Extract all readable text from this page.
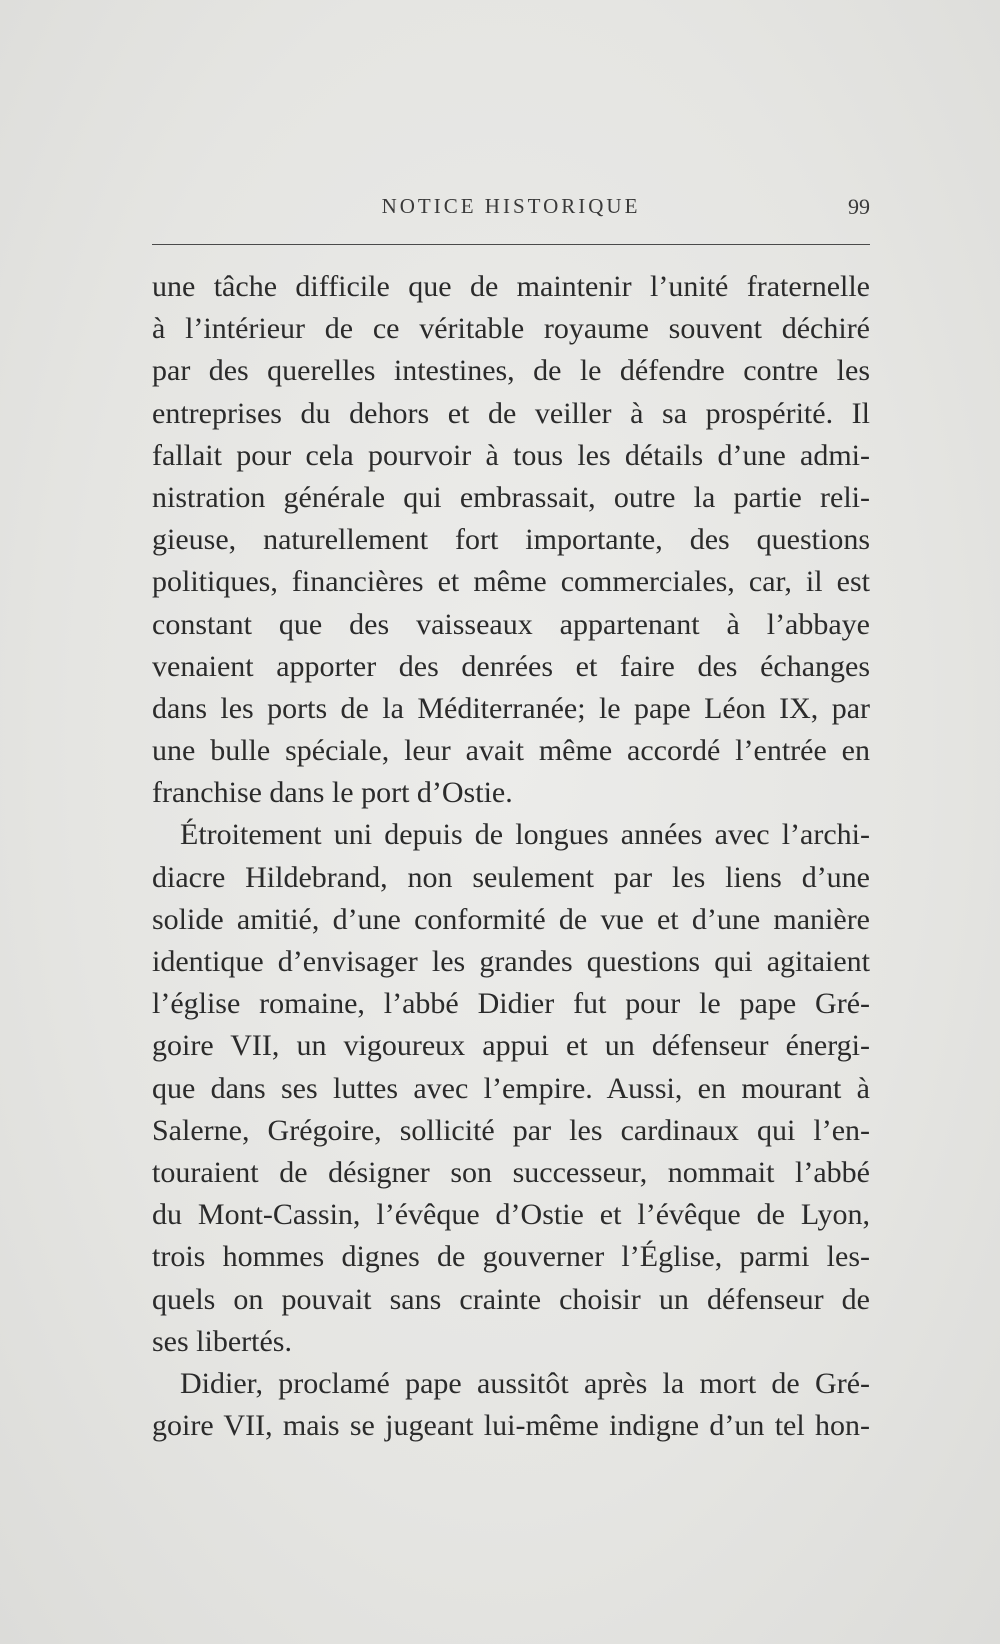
NOTICE HISTORIQUE	99
une tâche difficile que de maintenir l’unité fraternelle
à l’intérieur de ce véritable royaume souvent déchiré
par des querelles intestines, de le défendre contre les
entreprises du dehors et de veiller à sa prospérité. Il
fallait pour cela pourvoir à tous les détails d’une admi-
nistration générale qui embrassait, outre la partie reli-
gieuse, naturellement fort importante, des questions
politiques, financières et même commerciales, car, il est
constant que des vaisseaux appartenant à l’abbaye
venaient apporter des denrées et faire des échanges
dans les ports de la Méditerranée; le pape Léon IX, par
une bulle spéciale, leur avait même accordé l’entrée en
franchise dans le port d’Ostie.
Étroitement uni depuis de longues années avec l’archi-
diacre Hildebrand, non seulement par les liens d’une
solide amitié, d’une conformité de vue et d’une manière
identique d’envisager les grandes questions qui agitaient
l’église romaine, l’abbé Didier fut pour le pape Gré-
goire VII, un vigoureux appui et un défenseur énergi-
que dans ses luttes avec l’empire. Aussi, en mourant à
Salerne, Grégoire, sollicité par les cardinaux qui l’en-
touraient de désigner son successeur, nommait l’abbé
du Mont-Cassin, l’évêque d’Ostie et l’évêque de Lyon,
trois hommes dignes de gouverner l’Église, parmi les-
quels on pouvait sans crainte choisir un défenseur de
ses libertés.
Didier, proclamé pape aussitôt après la mort de Gré-
goire VII, mais se jugeant lui-même indigne d’un tel hon-
